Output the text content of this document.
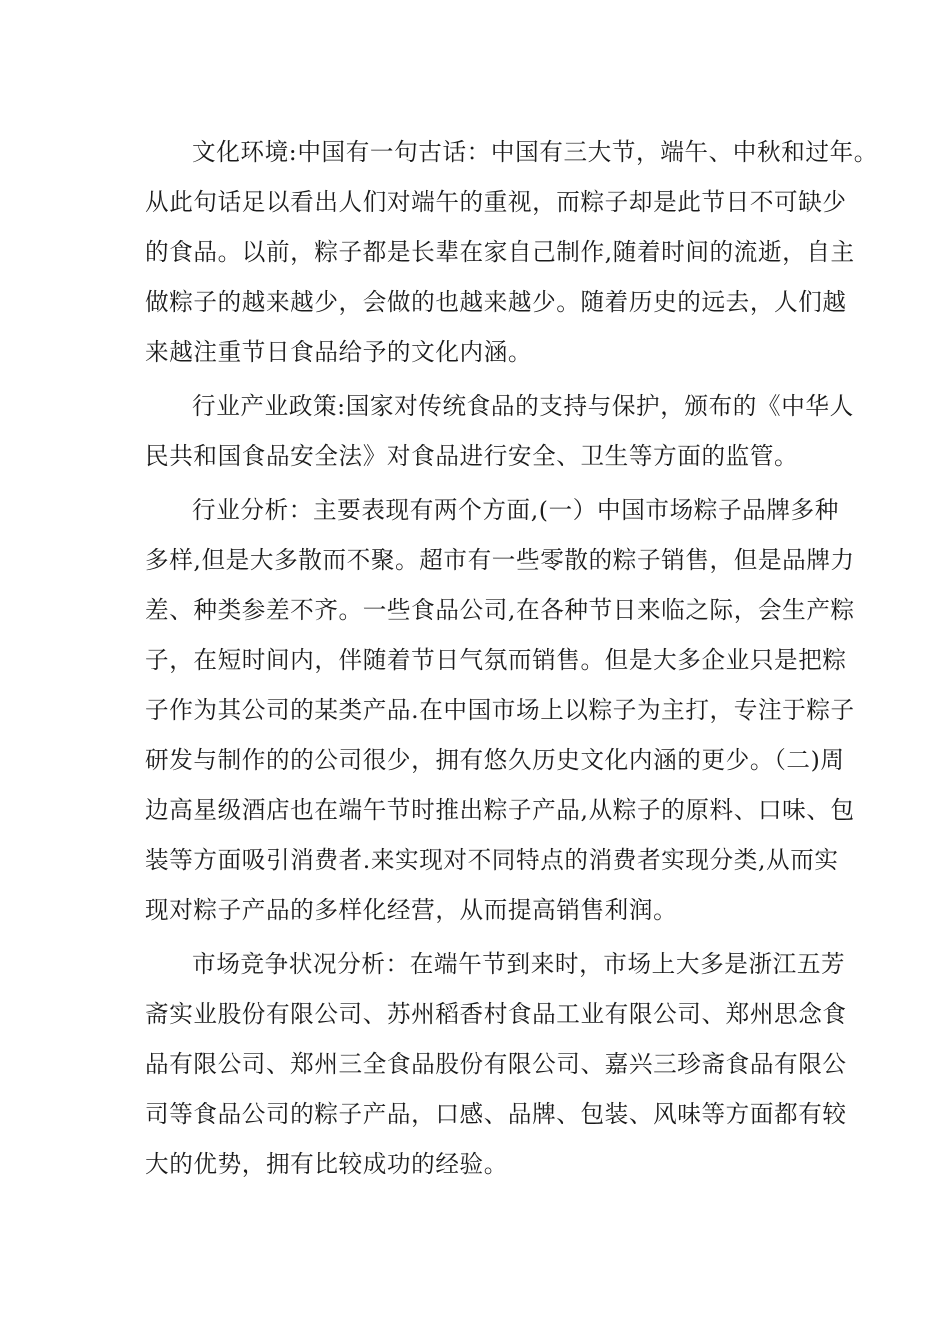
文化环境:中国有一句古话：中国有三大节，端午、中秋和过年。
从此句话足以看出人们对端午的重视，而粽子却是此节日不可缺少
的食品。以前，粽子都是长辈在家自己制作,随着时间的流逝，自主
做粽子的越来越少，会做的也越来越少。随着历史的远去，人们越
来越注重节日食品给予的文化内涵。
行业产业政策:国家对传统食品的支持与保护，颁布的《中华人
民共和国食品安全法》对食品进行安全、卫生等方面的监管。
行业分析：主要表现有两个方面,(一）中国市场粽子品牌多种
多样,但是大多散而不聚。超市有一些零散的粽子销售，但是品牌力
差、种类参差不齐。一些食品公司,在各种节日来临之际，会生产粽
子，在短时间内，伴随着节日气氛而销售。但是大多企业只是把粽
子作为其公司的某类产品.在中国市场上以粽子为主打，专注于粽子
研发与制作的的公司很少，拥有悠久历史文化内涵的更少。（二)周
边高星级酒店也在端午节时推出粽子产品,从粽子的原料、口味、包
装等方面吸引消费者.来实现对不同特点的消费者实现分类,从而实
现对粽子产品的多样化经营，从而提高销售利润。
市场竞争状况分析：在端午节到来时，市场上大多是浙江五芳
斋实业股份有限公司、苏州稻香村食品工业有限公司、郑州思念食
品有限公司、郑州三全食品股份有限公司、嘉兴三珍斋食品有限公
司等食品公司的粽子产品，口感、品牌、包装、风味等方面都有较
大的优势，拥有比较成功的经验。
